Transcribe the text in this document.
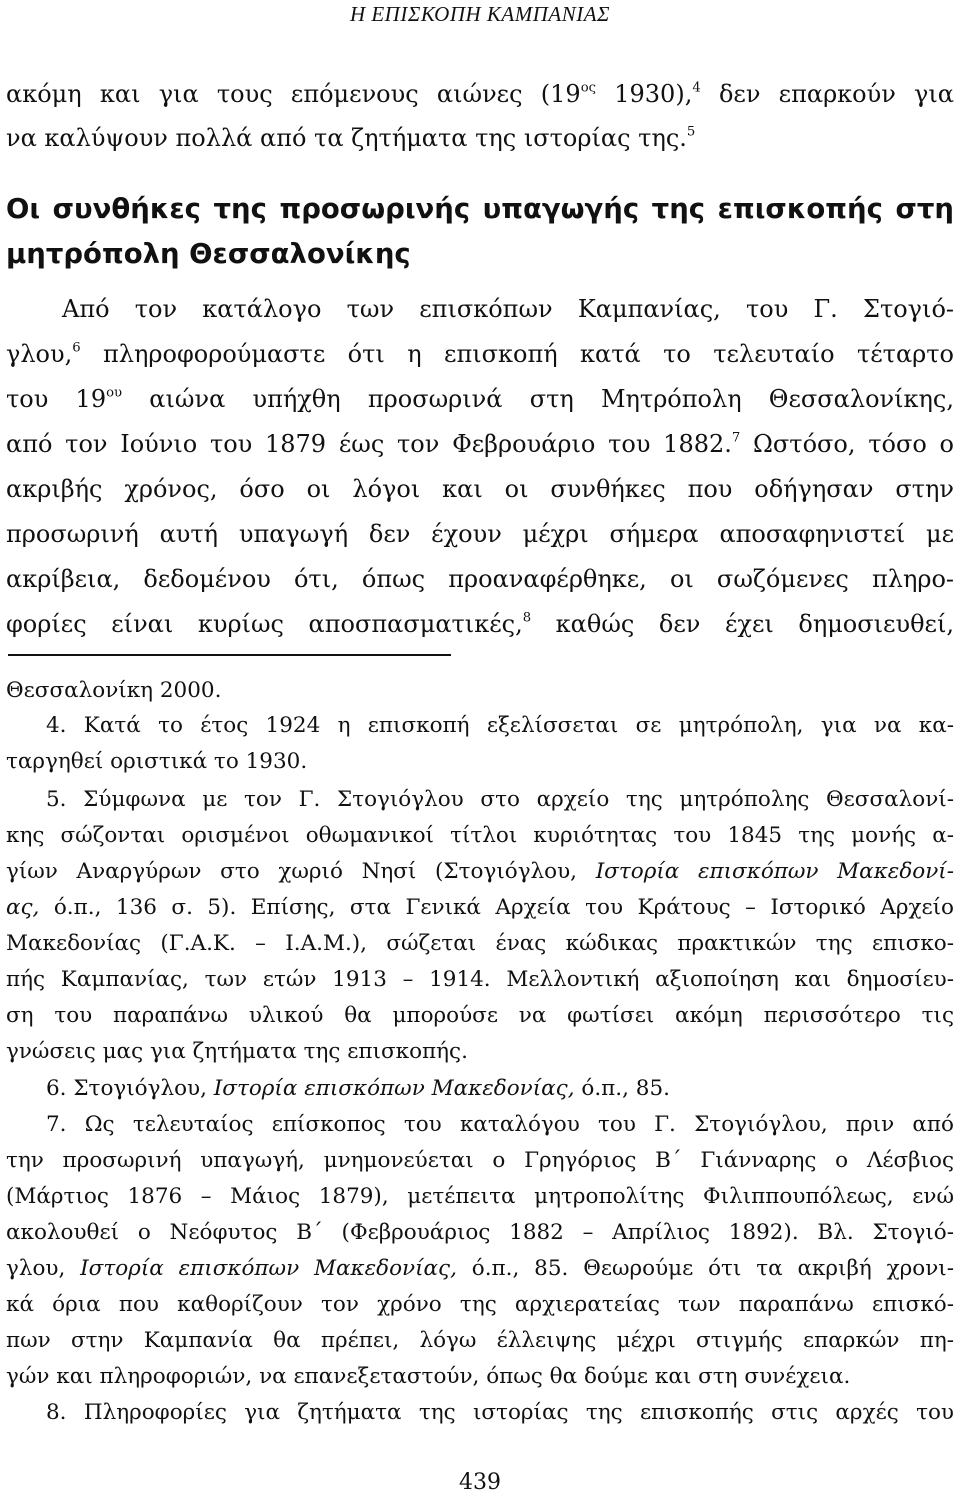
Η ΕΠΙΣΚΟΠΗ ΚΑΜΠΑΝΙΑΣ
ακόμη και για τους επόμενους αιώνες ($19^{o\varsigma}$ 1930),$^4$ δεν επαρκούν για
να καλύψουν πολλά από τα ζητήματα της ιστορίας της.$^5$
Οι συνθήκες της προσωρινής υπαγωγής της επισκοπής στη
μητρόπολη Θεσσαλονίκης
Από τον κατάλογο των επισκόπων Καμπανίας, του Γ. Στογιό-
γλου,$^6$ πληροφορούμαστε ότι η επισκοπή κατά το τελευταίο τέταρτο
του $19^{o\upsilon}$ αιώνα υπήχθη προσωρινά στη Μητρόπολη Θεσσαλονίκης,
από τον Ιούνιο του 1879 έως τον Φεβρουάριο του 1882.$^7$ Ωστόσο, τόσο ο
ακριβής χρόνος, όσο οι λόγοι και οι συνθήκες που οδήγησαν στην
προσωρινή αυτή υπαγωγή δεν έχουν μέχρι σήμερα αποσαφηνιστεί με
ακρίβεια, δεδομένου ότι, όπως προαναφέρθηκε, οι σωζόμενες πληρο-
φορίες είναι κυρίως αποσπασματικές,$^8$ καθώς δεν έχει δημοσιευθεί,
Θεσσαλονίκη 2000.
4. Κατά το έτος 1924 η επισκοπή εξελίσσεται σε μητρόπολη, για να κα-
ταργηθεί οριστικά το 1930.
5. Σύμφωνα με τον Γ. Στογιόγλου στο αρχείο της μητρόπολης Θεσσαλονί-
κης σώζονται ορισμένοι οθωμανικοί τίτλοι κυριότητας του 1845 της μονής α-
γίων Αναργύρων στο χωριό Νησί (Στογιόγλου, Ιστορία επισκόπων Μακεδονί-
ας, ό.π., 136 σ. 5). Επίσης, στα Γενικά Αρχεία του Κράτους – Ιστορικό Αρχείο
Μακεδονίας (Γ.Α.Κ. – Ι.Α.Μ.), σώζεται ένας κώδικας πρακτικών της επισκο-
πής Καμπανίας, των ετών 1913 – 1914. Μελλοντική αξιοποίηση και δημοσίευ-
ση του παραπάνω υλικού θα μπορούσε να φωτίσει ακόμη περισσότερο τις
γνώσεις μας για ζητήματα της επισκοπής.
6. Στογιόγλου, Ιστορία επισκόπων Μακεδονίας, ό.π., 85.
7. Ως τελευταίος επίσκοπος του καταλόγου του Γ. Στογιόγλου, πριν από
την προσωρινή υπαγωγή, μνημονεύεται ο Γρηγόριος Β΄ Γιάνναρης ο Λέσβιος
(Μάρτιος 1876 – Μάιος 1879), μετέπειτα μητροπολίτης Φιλιππουπόλεως, ενώ
ακολουθεί ο Νεόφυτος Β΄ (Φεβρουάριος 1882 – Απρίλιος 1892). Βλ. Στογιό-
γλου, Ιστορία επισκόπων Μακεδονίας, ό.π., 85. Θεωρούμε ότι τα ακριβή χρονι-
κά όρια που καθορίζουν τον χρόνο της αρχιερατείας των παραπάνω επισκό-
πων στην Καμπανία θα πρέπει, λόγω έλλειψης μέχρι στιγμής επαρκών πη-
γών και πληροφοριών, να επανεξεταστούν, όπως θα δούμε και στη συνέχεια.
8. Πληροφορίες για ζητήματα της ιστορίας της επισκοπής στις αρχές του
439
